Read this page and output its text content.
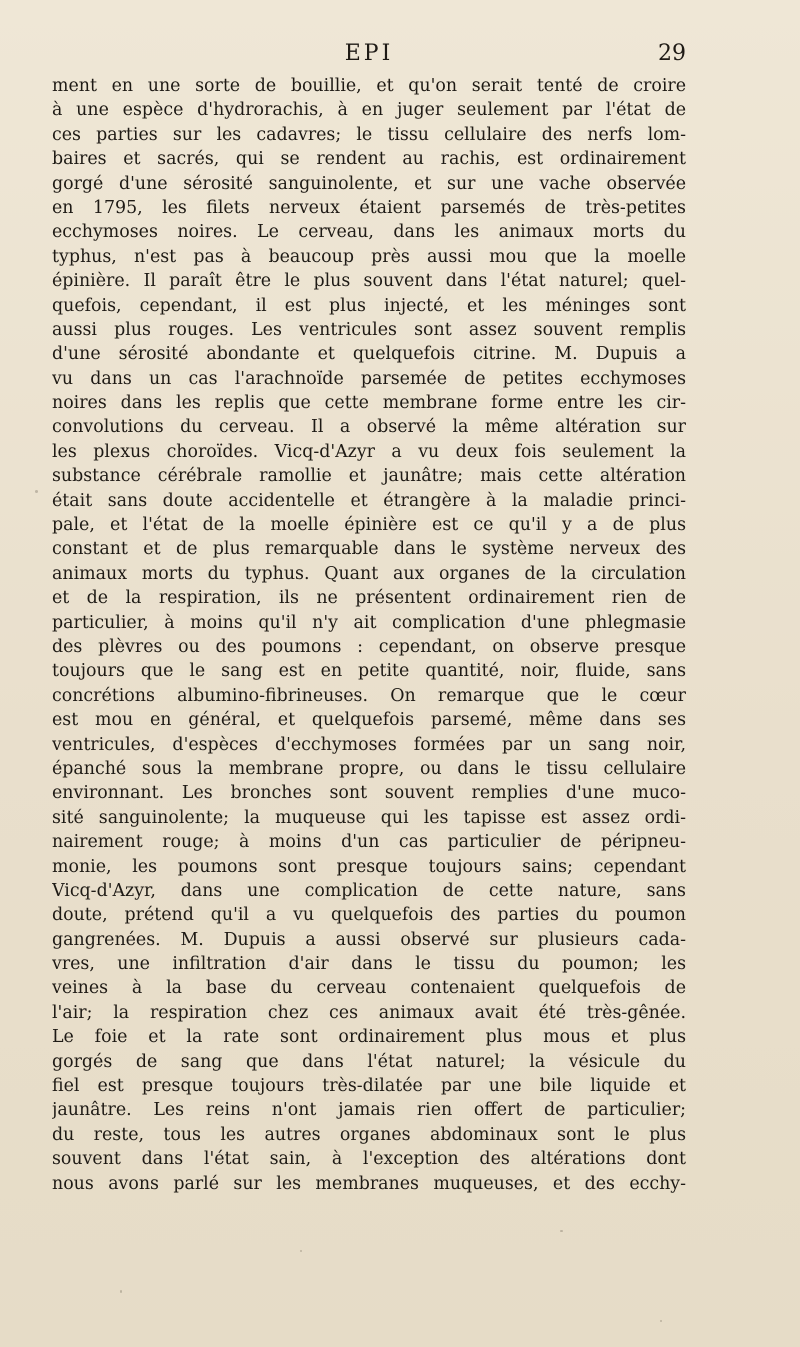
EPI	29
ment en une sorte de bouillie, et qu'on serait tenté de croire
à une espèce d'hydrorachis, à en juger seulement par l'état de
ces parties sur les cadavres; le tissu cellulaire des nerfs lom-
baires et sacrés, qui se rendent au rachis, est ordinairement
gorgé d'une sérosité sanguinolente, et sur une vache observée
en 1795, les filets nerveux étaient parsemés de très-petites
ecchymoses noires. Le cerveau, dans les animaux morts du
typhus, n'est pas à beaucoup près aussi mou que la moelle
épinière. Il paraît être le plus souvent dans l'état naturel; quel-
quefois, cependant, il est plus injecté, et les méninges sont
aussi plus rouges. Les ventricules sont assez souvent remplis
d'une sérosité abondante et quelquefois citrine. M. Dupuis a
vu dans un cas l'arachnoïde parsemée de petites ecchymoses
noires dans les replis que cette membrane forme entre les cir-
convolutions du cerveau. Il a observé la même altération sur
les plexus choroïdes. Vicq-d'Azyr a vu deux fois seulement la
substance cérébrale ramollie et jaunâtre; mais cette altération
était sans doute accidentelle et étrangère à la maladie princi-
pale, et l'état de la moelle épinière est ce qu'il y a de plus
constant et de plus remarquable dans le système nerveux des
animaux morts du typhus. Quant aux organes de la circulation
et de la respiration, ils ne présentent ordinairement rien de
particulier, à moins qu'il n'y ait complication d'une phlegmasie
des plèvres ou des poumons : cependant, on observe presque
toujours que le sang est en petite quantité, noir, fluide, sans
concrétions albumino-fibrineuses. On remarque que le cœur
est mou en général, et quelquefois parsemé, même dans ses
ventricules, d'espèces d'ecchymoses formées par un sang noir,
épanché sous la membrane propre, ou dans le tissu cellulaire
environnant. Les bronches sont souvent remplies d'une muco-
sité sanguinolente; la muqueuse qui les tapisse est assez ordi-
nairement rouge; à moins d'un cas particulier de péripneu-
monie, les poumons sont presque toujours sains; cependant
Vicq-d'Azyr, dans une complication de cette nature, sans
doute, prétend qu'il a vu quelquefois des parties du poumon
gangrenées. M. Dupuis a aussi observé sur plusieurs cada-
vres, une infiltration d'air dans le tissu du poumon; les
veines à la base du cerveau contenaient quelquefois de
l'air; la respiration chez ces animaux avait été très-gênée.
Le foie et la rate sont ordinairement plus mous et plus
gorgés de sang que dans l'état naturel; la vésicule du
fiel est presque toujours très-dilatée par une bile liquide et
jaunâtre. Les reins n'ont jamais rien offert de particulier;
du reste, tous les autres organes abdominaux sont le plus
souvent dans l'état sain, à l'exception des altérations dont
nous avons parlé sur les membranes muqueuses, et des ecchy-
